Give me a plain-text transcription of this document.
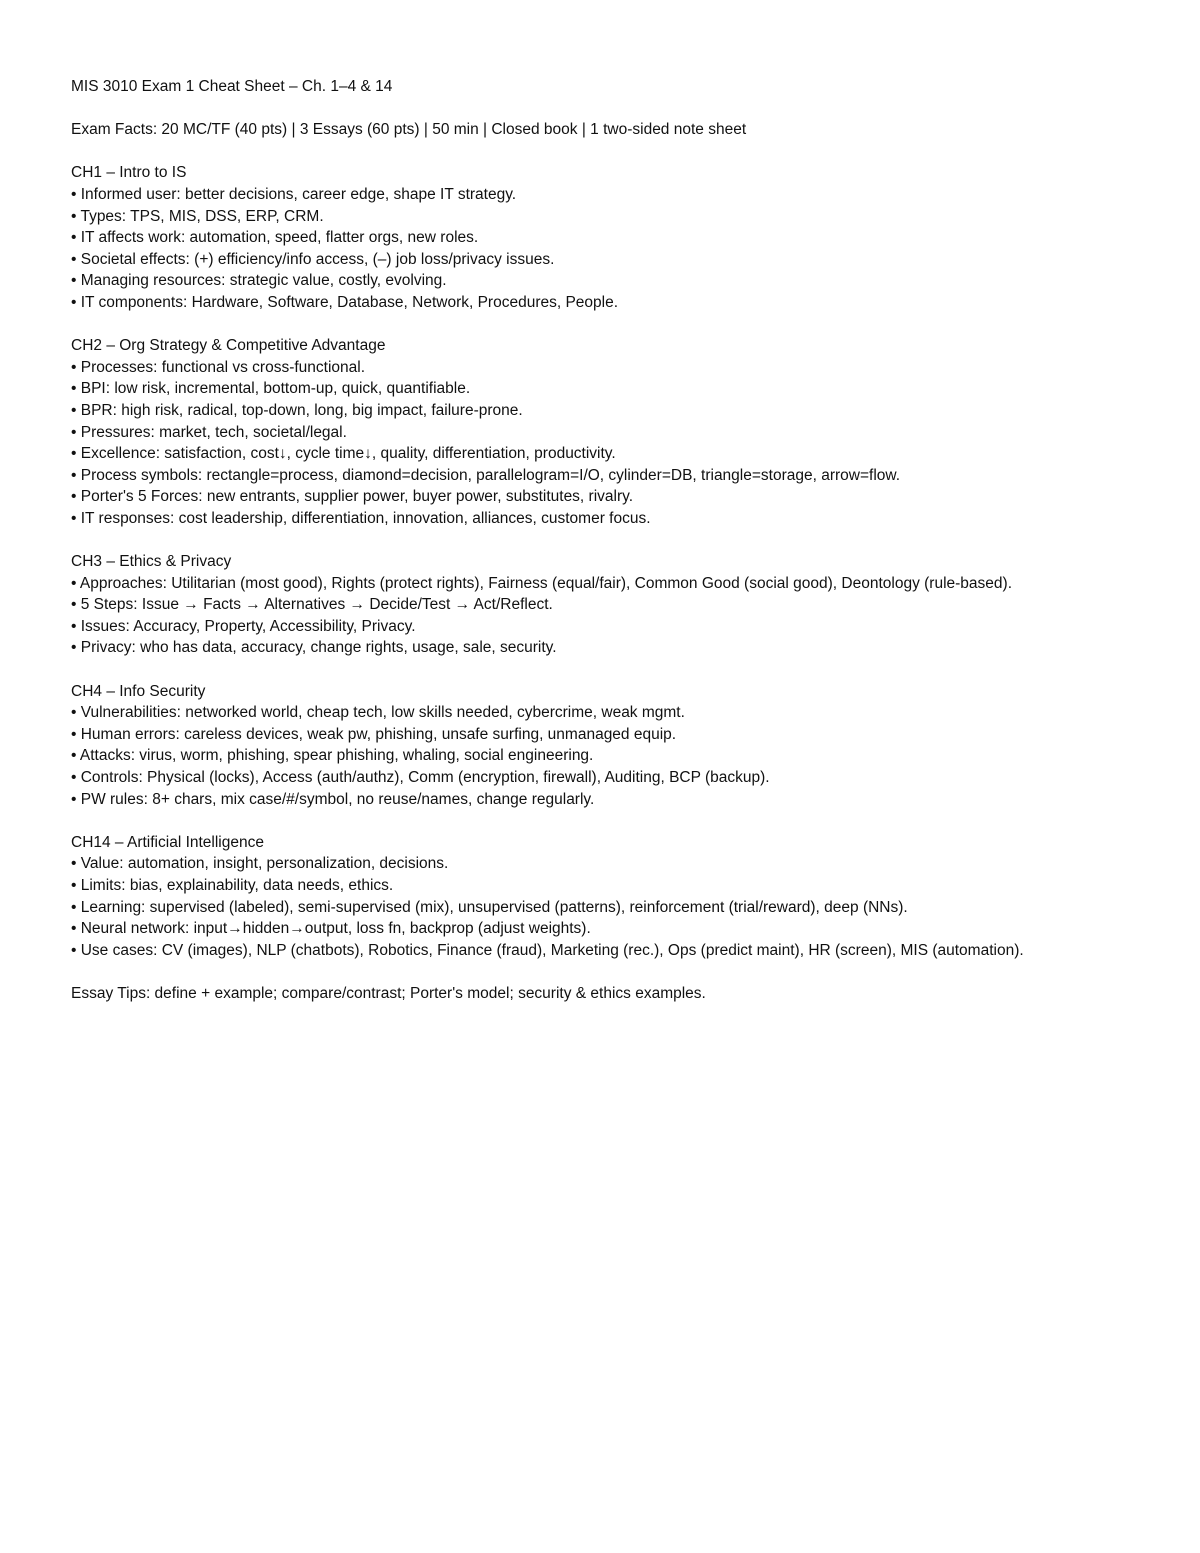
MIS 3010 Exam 1 Cheat Sheet – Ch. 1–4 & 14
Exam Facts: 20 MC/TF (40 pts) | 3 Essays (60 pts) | 50 min | Closed book | 1 two-sided note sheet
CH1 – Intro to IS
• Informed user: better decisions, career edge, shape IT strategy.
• Types: TPS, MIS, DSS, ERP, CRM.
• IT affects work: automation, speed, flatter orgs, new roles.
• Societal effects: (+) efficiency/info access, (–) job loss/privacy issues.
• Managing resources: strategic value, costly, evolving.
• IT components: Hardware, Software, Database, Network, Procedures, People.
CH2 – Org Strategy & Competitive Advantage
• Processes: functional vs cross-functional.
• BPI: low risk, incremental, bottom-up, quick, quantifiable.
• BPR: high risk, radical, top-down, long, big impact, failure-prone.
• Pressures: market, tech, societal/legal.
• Excellence: satisfaction, cost↓, cycle time↓, quality, differentiation, productivity.
• Process symbols: rectangle=process, diamond=decision, parallelogram=I/O, cylinder=DB, triangle=storage, arrow=flow.
• Porter's 5 Forces: new entrants, supplier power, buyer power, substitutes, rivalry.
• IT responses: cost leadership, differentiation, innovation, alliances, customer focus.
CH3 – Ethics & Privacy
• Approaches: Utilitarian (most good), Rights (protect rights), Fairness (equal/fair), Common Good (social good), Deontology (rule-based).
• 5 Steps: Issue → Facts → Alternatives → Decide/Test → Act/Reflect.
• Issues: Accuracy, Property, Accessibility, Privacy.
• Privacy: who has data, accuracy, change rights, usage, sale, security.
CH4 – Info Security
• Vulnerabilities: networked world, cheap tech, low skills needed, cybercrime, weak mgmt.
• Human errors: careless devices, weak pw, phishing, unsafe surfing, unmanaged equip.
• Attacks: virus, worm, phishing, spear phishing, whaling, social engineering.
• Controls: Physical (locks), Access (auth/authz), Comm (encryption, firewall), Auditing, BCP (backup).
• PW rules: 8+ chars, mix case/#/symbol, no reuse/names, change regularly.
CH14 – Artificial Intelligence
• Value: automation, insight, personalization, decisions.
• Limits: bias, explainability, data needs, ethics.
• Learning: supervised (labeled), semi-supervised (mix), unsupervised (patterns), reinforcement (trial/reward), deep (NNs).
• Neural network: input→hidden→output, loss fn, backprop (adjust weights).
• Use cases: CV (images), NLP (chatbots), Robotics, Finance (fraud), Marketing (rec.), Ops (predict maint), HR (screen), MIS (automation).
Essay Tips: define + example; compare/contrast; Porter's model; security & ethics examples.
